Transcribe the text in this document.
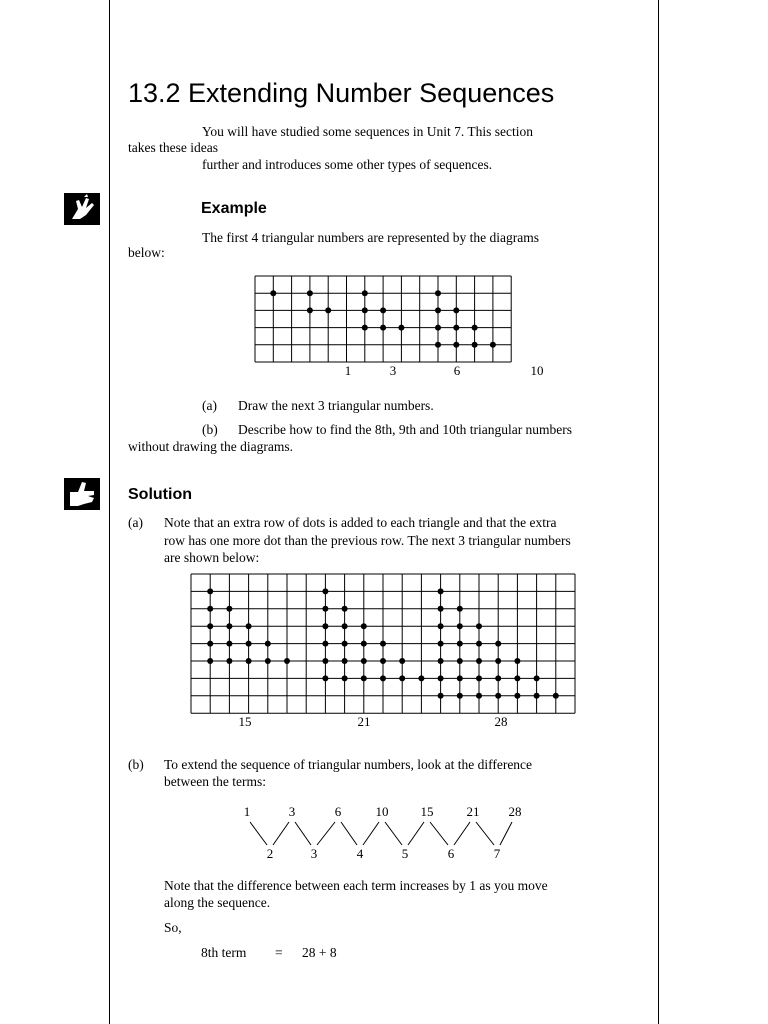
13.2 Extending Number Sequences
You will have studied some sequences in Unit 7. This section
takes these ideas
further and introduces some other types of sequences.
Example
The first 4 triangular numbers are represented by the diagrams
below:
1	3	6	10
(a) Draw the next 3 triangular numbers.
(b) Describe how to find the 8th, 9th and 10th triangular numbers
without drawing the diagrams.
Solution
(a) Note that an extra row of dots is added to each triangle and that the extra
row has one more dot than the previous row. The next 3 triangular numbers
are shown below:
15	21	28
(b) To extend the sequence of triangular numbers, look at the difference
between the terms:
1	3	6	10 15	21 28
2	3	4	5	6	7
Note that the difference between each term increases by 1 as you move
along the sequence.
So,
8th term = 28 + 8
